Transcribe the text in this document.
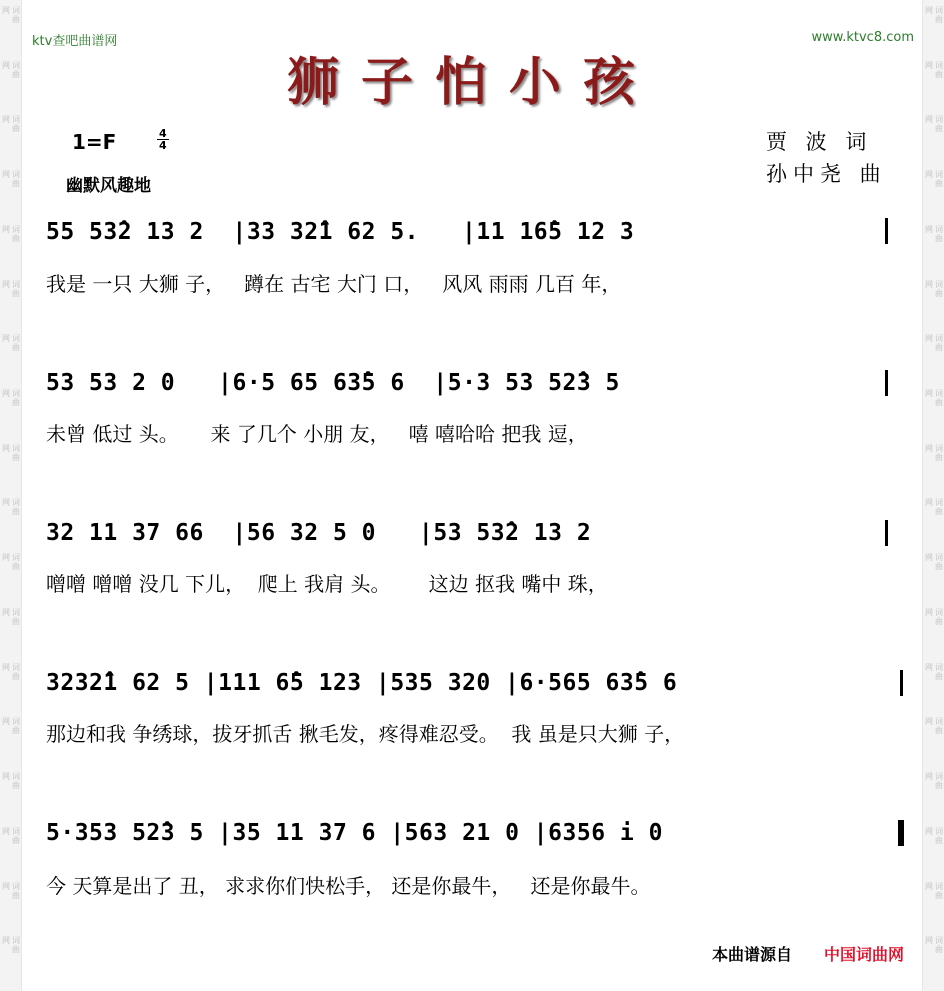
词曲网
词曲网
词曲网
词曲网
词曲网
词曲网
词曲网
词曲网
词曲网
词曲网
词曲网
词曲网
词曲网
词曲网
词曲网
词曲网
词曲网
词曲网
词曲网
词曲网
词曲网
词曲网
词曲网
词曲网
词曲网
词曲网
词曲网
词曲网
词曲网
词曲网
词曲网
词曲网
词曲网
词曲网
词曲网
词曲网
ktv查吧曲谱网	www.ktvc8.com
狮子怕小孩
1=F	4
4
幽默风趣地
贾 波 词
孙中尧 曲
55 53̂2 13 2  ∣33 32̂1 62 5.   ∣11 16̂5 12 3
我是 一只 大狮 子，   蹲在 古宅 大门 口，   风风 雨雨 几百 年，
53 53 2 0   ∣6·5 65 63̂5 6  ∣5·3 53 52̂3 5
未曾 低过 头。     来 了几个 小朋 友，   嘻 嘻哈哈 把我 逗，
32 11 37 66  ∣56 32 5 0   ∣53 53̂2 13 2
噌噌 噌噌 没几 下儿，  爬上 我肩 头。      这边 抠我 嘴中 珠，
3232̂1 62 5 ∣111 6̂5 123 ∣535 320 ∣6·565 63̂5 6
那边和我 争绣球，拔牙抓舌 揪毛发，疼得难忍受。  我 虽是只大狮 子，
5·353 52̂3 5 ∣35 11 37 6 ∣563 21 0 ∣6356 i 0
今 天算是出了 丑， 求求你们快松手， 还是你最牛，   还是你最牛。
本曲谱源自 中国词曲网
